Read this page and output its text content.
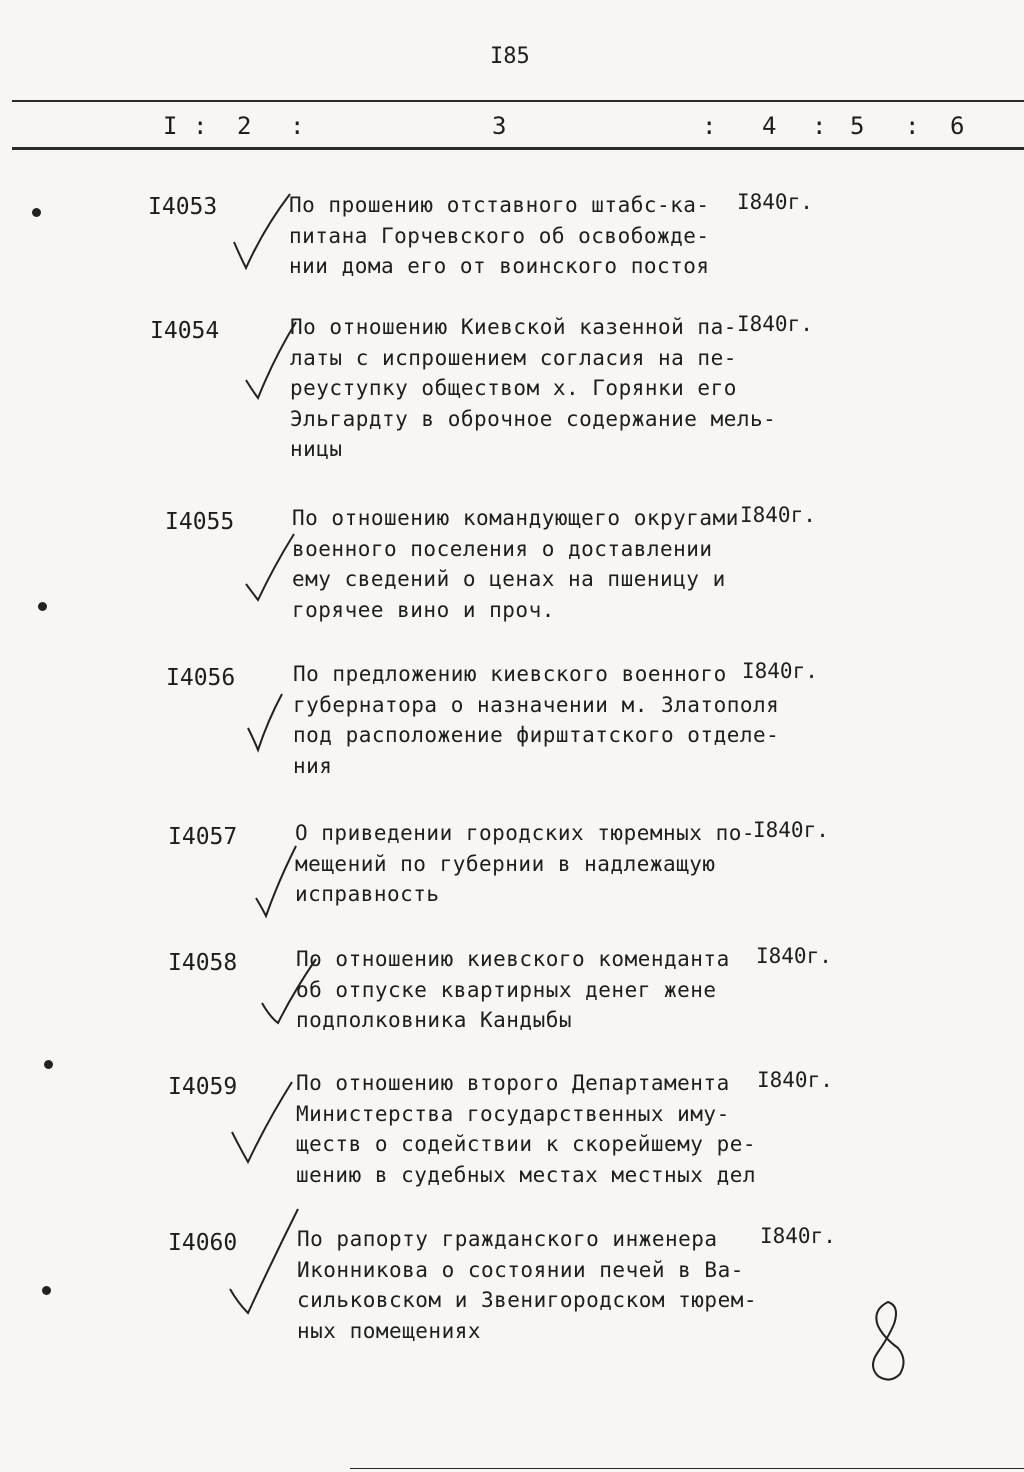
I85
I : 2 :	3	: 4 : 5 : 6
I4053	По прошению отставного штабс-ка-
питана Горчевского об освобожде-
нии дома его от воинского постоя
I840г.
I4054	По отношению Киевской казенной па-
латы с испрошением согласия на пе-
реуступку обществом х. Горянки его
Эльгардту в оброчное содержание мель-
ницы
I840г.
I4055	По отношению командующего округами
военного поселения о доставлении
ему сведений о ценах на пшеницу и
горячее вино и проч.
I840г.
I4056	По предложению киевского военного
губернатора о назначении м. Златополя
под расположение фирштатского отделе-
ния
I840г.
I4057	О приведении городских тюремных по-
мещений по губернии в надлежащую
исправность
I840г.
I4058	По отношению киевского коменданта
об отпуске квартирных денег жене
подполковника Кандыбы
I840г.
I4059	По отношению второго Департамента
Министерства государственных иму-
ществ о содействии к скорейшему ре-
шению в судебных местах местных дел
I840г.
I4060	По рапорту гражданского инженера
Иконникова о состоянии печей в Ва-
сильковском и Звенигородском тюрем-
ных помещениях
I840г.
